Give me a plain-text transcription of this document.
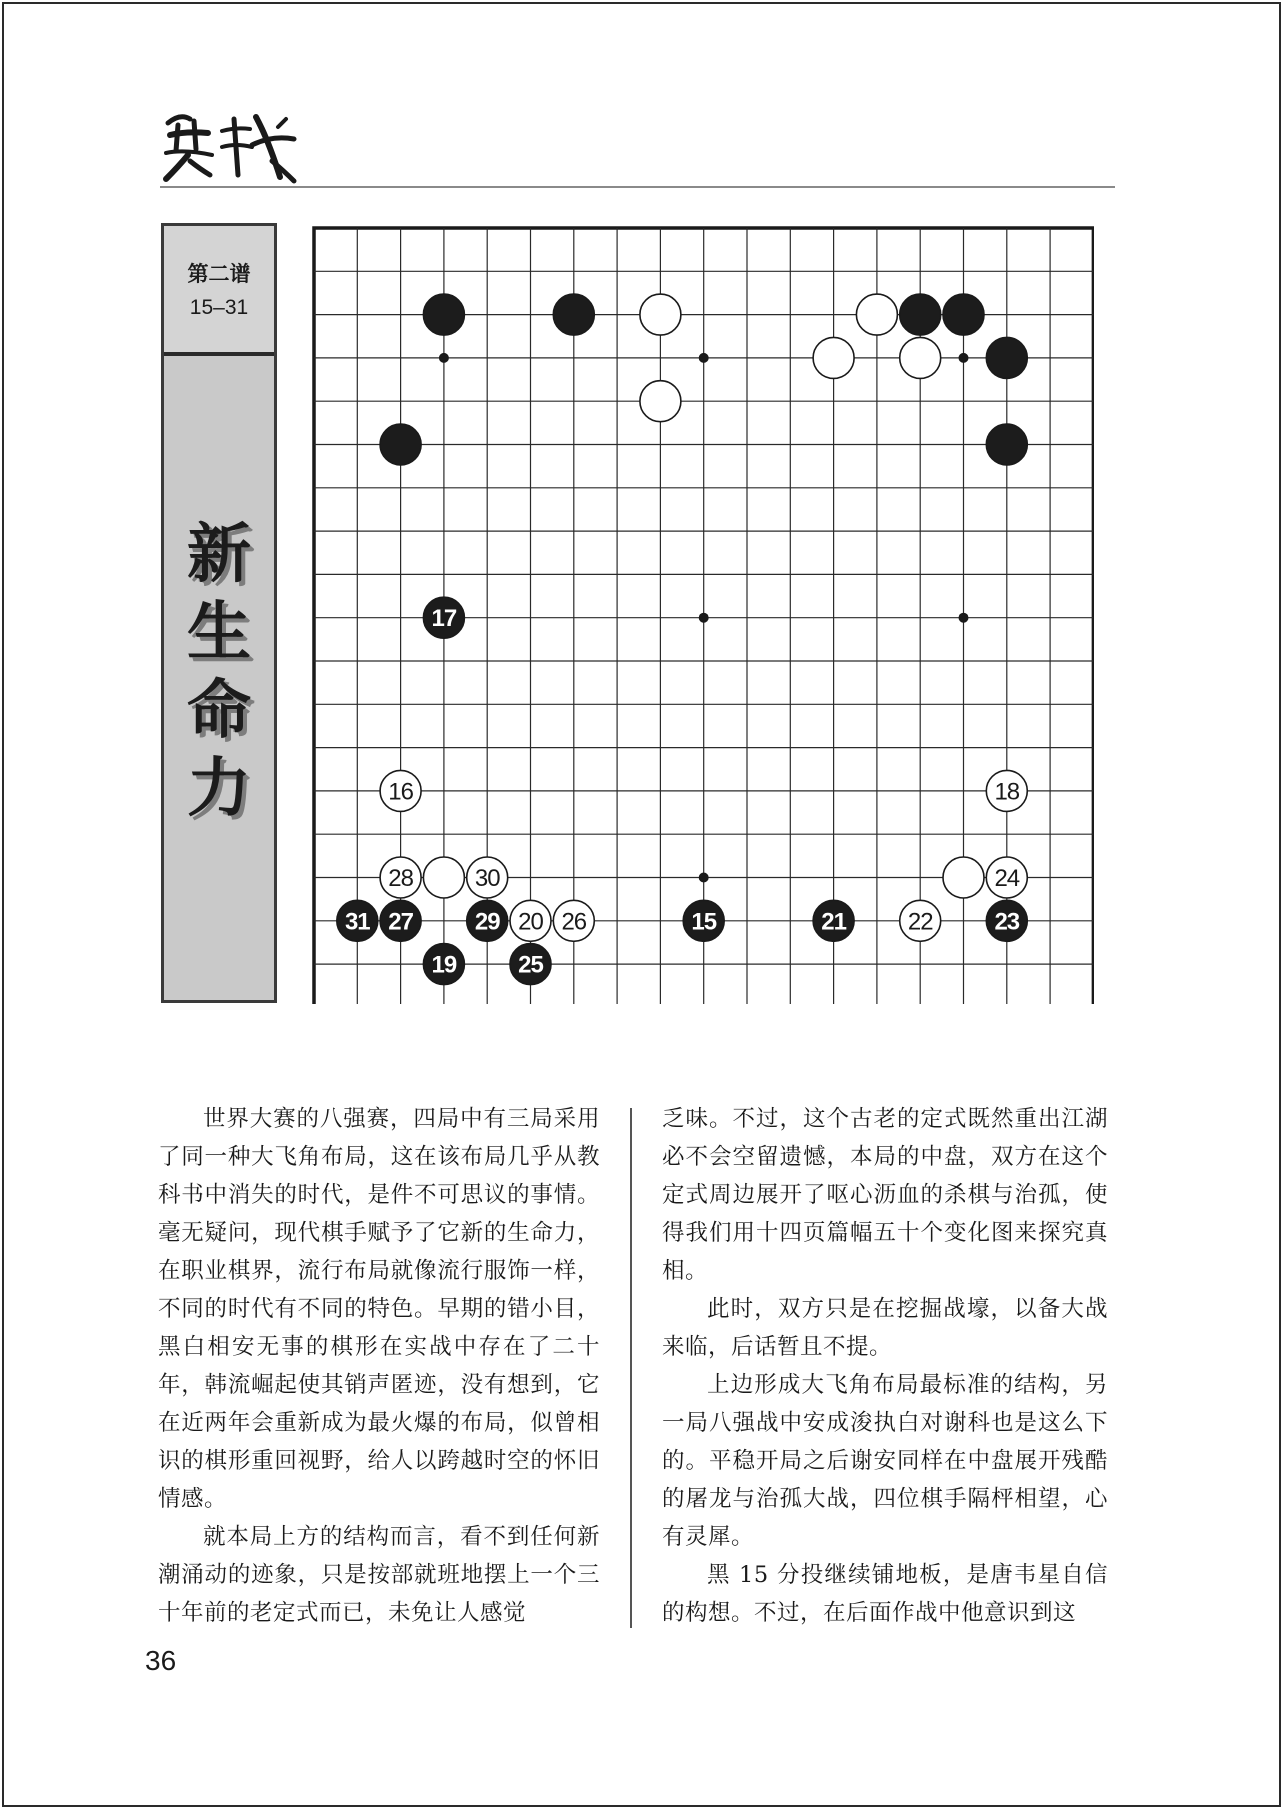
第二谱
15–31
新
生
命
力
15
16
17
18
19
20	21	22	23
24
25
26
27
28
29
30
31

世界大赛的八强赛，四局中有三局采用了同一种大飞角布局，这在该布局几乎从教科书中消失的时代，是件不可思议的事情。毫无疑问，现代棋手赋予了它新的生命力，在职业棋界，流行布局就像流行服饰一样，不同的时代有不同的特色。早期的错小目，黑白相安无事的棋形在实战中存在了二十年，韩流崛起使其销声匿迹，没有想到，它在近两年会重新成为最火爆的布局，似曾相识的棋形重回视野，给人以跨越时空的怀旧情感。

就本局上方的结构而言，看不到任何新潮涌动的迹象，只是按部就班地摆上一个三十年前的老定式而已，未免让人感觉

乏味。不过，这个古老的定式既然重出江湖必不会空留遗憾，本局的中盘，双方在这个定式周边展开了呕心沥血的杀棋与治孤，使得我们用十四页篇幅五十个变化图来探究真相。

此时，双方只是在挖掘战壕，以备大战来临，后话暂且不提。

上边形成大飞角布局最标准的结构，另一局八强战中安成浚执白对谢科也是这么下的。平稳开局之后谢安同样在中盘展开残酷的屠龙与治孤大战，四位棋手隔枰相望，心有灵犀。

黑 15 分投继续铺地板，是唐韦星自信的构想。不过，在后面作战中他意识到这

36
